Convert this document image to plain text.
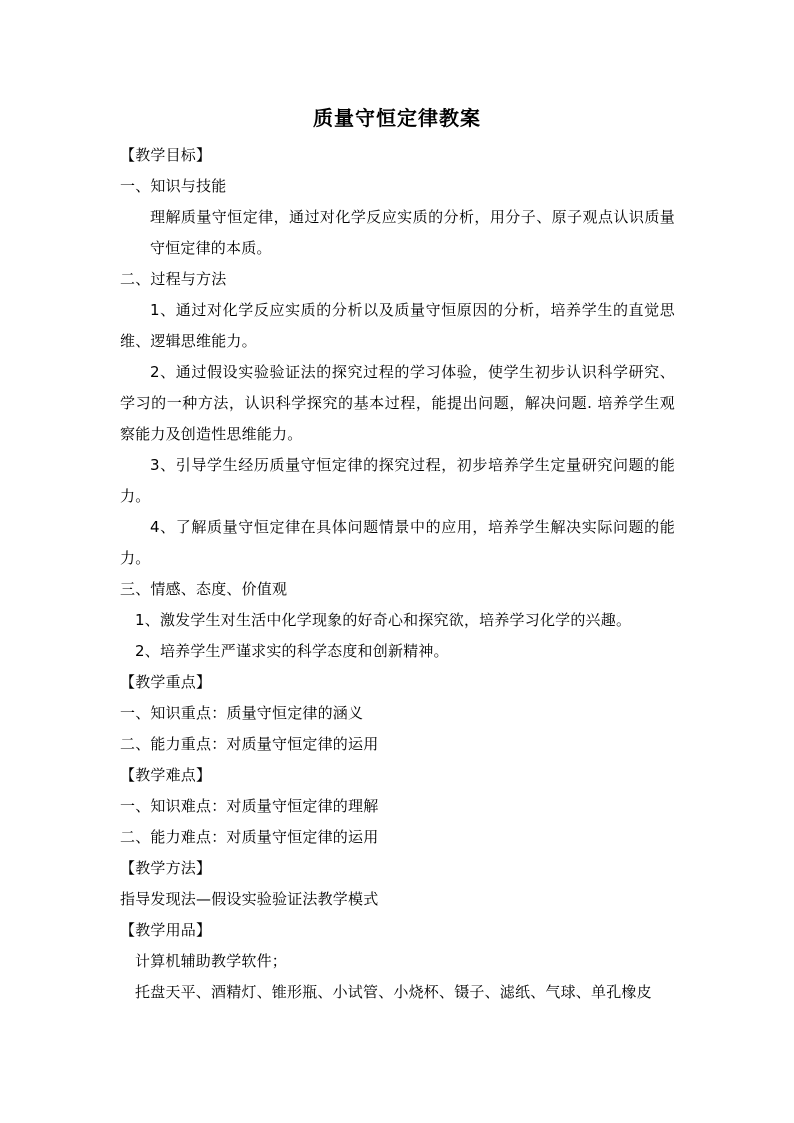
质量守恒定律教案
【教学目标】
一、知识与技能
理解质量守恒定律，通过对化学反应实质的分析，用分子、原子观点认识质量守恒定律的本质。
二、过程与方法
1、通过对化学反应实质的分析以及质量守恒原因的分析，培养学生的直觉思维、逻辑思维能力。
2、通过假设实验验证法的探究过程的学习体验，使学生初步认识科学研究、学习的一种方法，认识科学探究的基本过程，能提出问题，解决问题. 培养学生观察能力及创造性思维能力。
3、引导学生经历质量守恒定律的探究过程，初步培养学生定量研究问题的能力。
4、了解质量守恒定律在具体问题情景中的应用，培养学生解决实际问题的能力。
三、情感、态度、价值观
1、激发学生对生活中化学现象的好奇心和探究欲，培养学习化学的兴趣。
2、培养学生严谨求实的科学态度和创新精神。
【教学重点】
一、知识重点：质量守恒定律的涵义
二、能力重点：对质量守恒定律的运用
【教学难点】
一、知识难点：对质量守恒定律的理解
二、能力难点：对质量守恒定律的运用
【教学方法】
指导发现法—假设实验验证法教学模式
【教学用品】
计算机辅助教学软件；
托盘天平、酒精灯、锥形瓶、小试管、小烧杯、镊子、滤纸、气球、单孔橡皮
